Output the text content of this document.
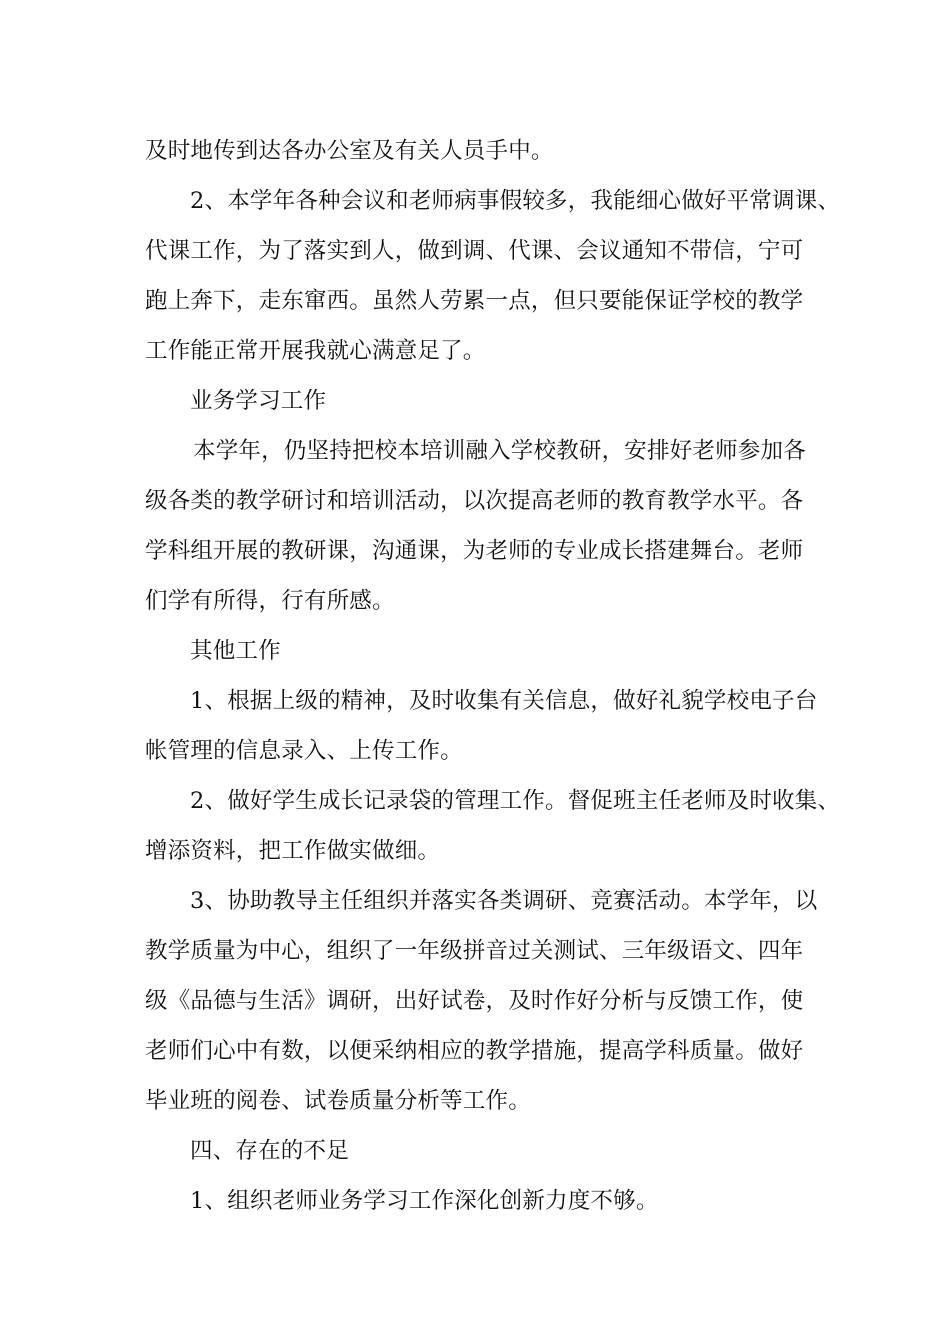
及时地传到达各办公室及有关人员手中。
2、本学年各种会议和老师病事假较多，我能细心做好平常调课、
代课工作，为了落实到人，做到调、代课、会议通知不带信，宁可
跑上奔下，走东窜西。虽然人劳累一点，但只要能保证学校的教学
工作能正常开展我就心满意足了。
业务学习工作
本学年，仍坚持把校本培训融入学校教研，安排好老师参加各
级各类的教学研讨和培训活动，以次提高老师的教育教学水平。各
学科组开展的教研课，沟通课，为老师的专业成长搭建舞台。老师
们学有所得，行有所感。
其他工作
1、根据上级的精神，及时收集有关信息，做好礼貌学校电子台
帐管理的信息录入、上传工作。
2、做好学生成长记录袋的管理工作。督促班主任老师及时收集、
增添资料，把工作做实做细。
3、协助教导主任组织并落实各类调研、竞赛活动。本学年，以
教学质量为中心，组织了一年级拼音过关测试、三年级语文、四年
级《品德与生活》调研，出好试卷，及时作好分析与反馈工作，使
老师们心中有数，以便采纳相应的教学措施，提高学科质量。做好
毕业班的阅卷、试卷质量分析等工作。
四、存在的不足
1、组织老师业务学习工作深化创新力度不够。
